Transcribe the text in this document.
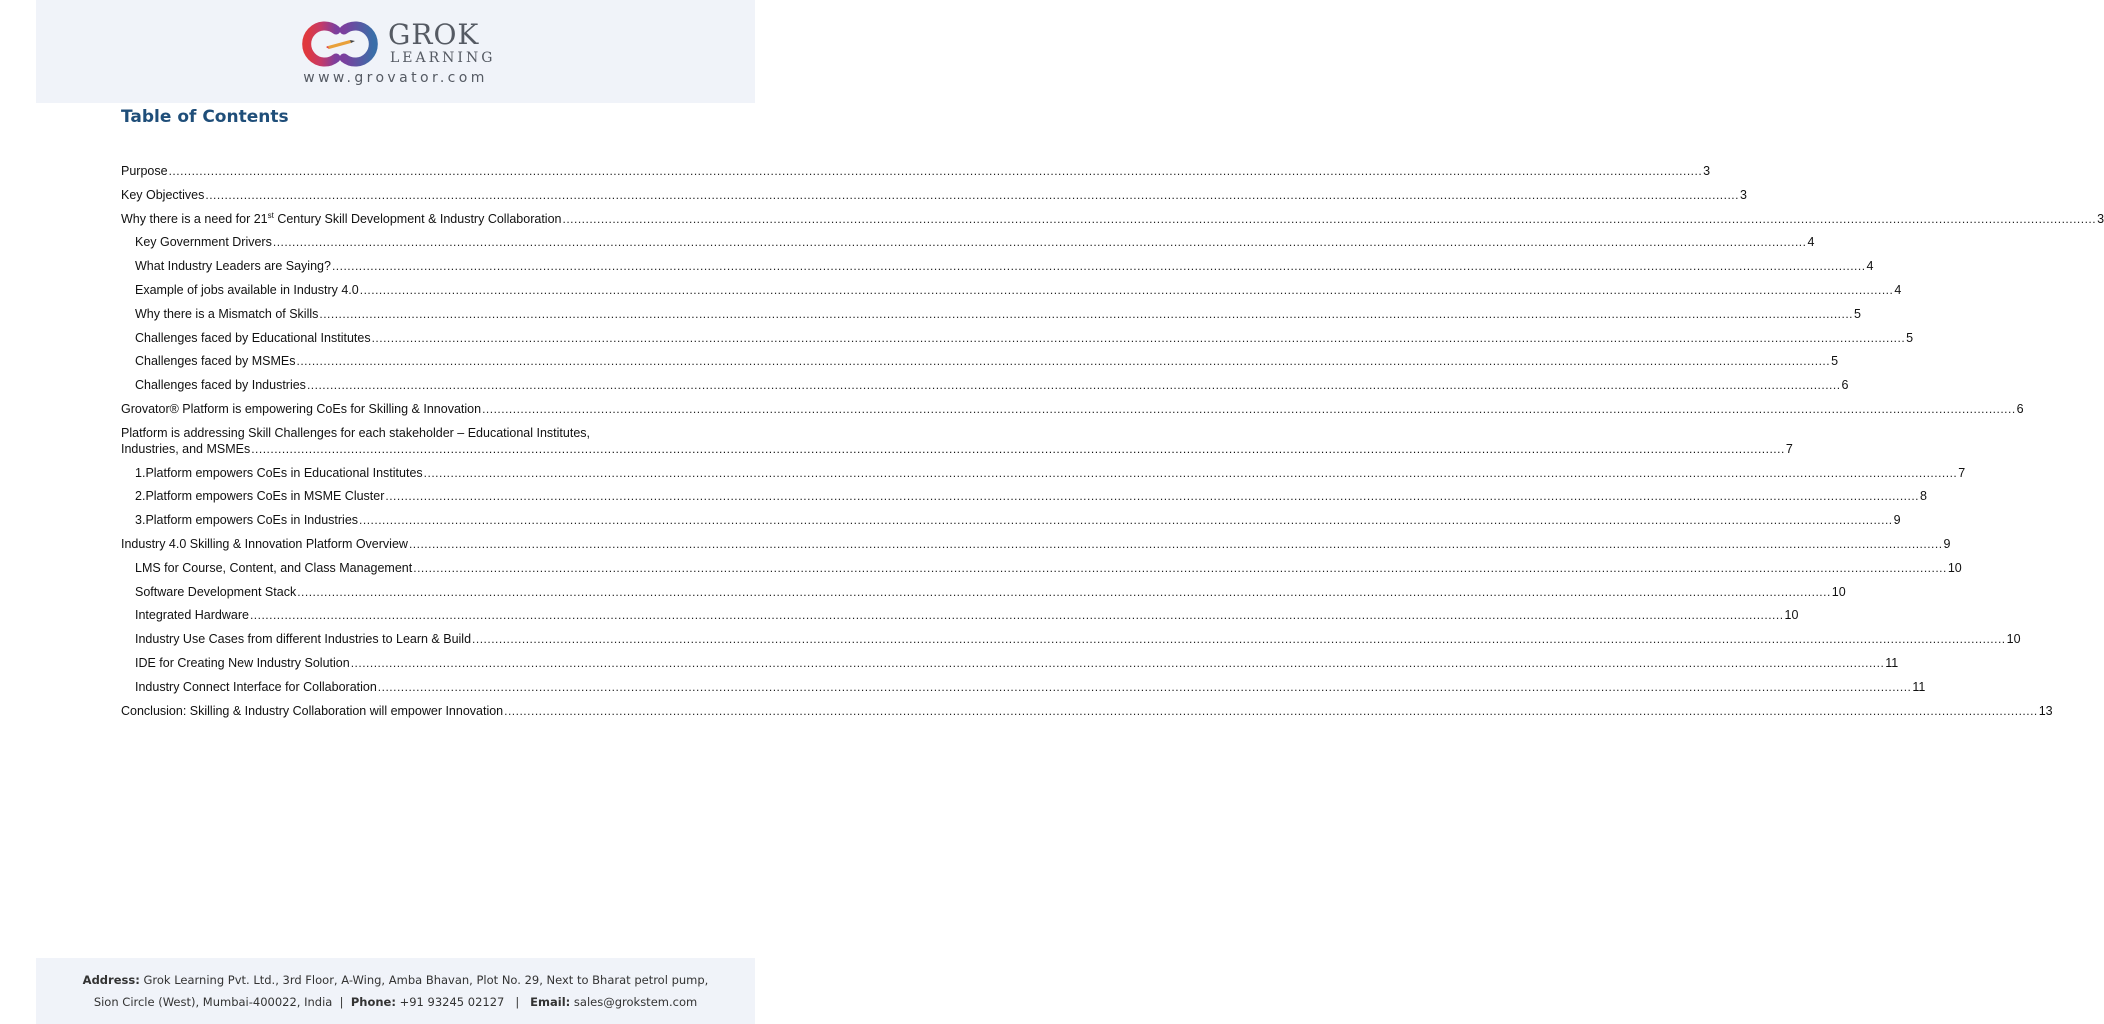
GROK
LEARNING
www.grovator.com
Table of Contents
Purpose ................................................................................................................................................................................................................................................................................................................................................................................................................ 3
Key Objectives ................................................................................................................................................................................................................................................................................................................................................................................................................ 3
Why there is a need for 21st Century Skill Development & Industry Collaboration ................................................................................................................................................................................................................................................................................................................................................................................................................ 3
Key Government Drivers ................................................................................................................................................................................................................................................................................................................................................................................................................ 4
What Industry Leaders are Saying? ................................................................................................................................................................................................................................................................................................................................................................................................................ 4
Example of jobs available in Industry 4.0 ................................................................................................................................................................................................................................................................................................................................................................................................................ 4
Why there is a Mismatch of Skills ................................................................................................................................................................................................................................................................................................................................................................................................................ 5
Challenges faced by Educational Institutes ................................................................................................................................................................................................................................................................................................................................................................................................................ 5
Challenges faced by MSMEs ................................................................................................................................................................................................................................................................................................................................................................................................................ 5
Challenges faced by Industries ................................................................................................................................................................................................................................................................................................................................................................................................................ 6
Grovator® Platform is empowering CoEs for Skilling & Innovation ................................................................................................................................................................................................................................................................................................................................................................................................................ 6
Platform is addressing Skill Challenges for each stakeholder – Educational Institutes,
Industries, and MSMEs ................................................................................................................................................................................................................................................................................................................................................................................................................ 7
1. Platform empowers CoEs in Educational Institutes ................................................................................................................................................................................................................................................................................................................................................................................................................ 7
2. Platform empowers CoEs in MSME Cluster ................................................................................................................................................................................................................................................................................................................................................................................................................ 8
3. Platform empowers CoEs in Industries ................................................................................................................................................................................................................................................................................................................................................................................................................ 9
Industry 4.0 Skilling & Innovation Platform Overview ................................................................................................................................................................................................................................................................................................................................................................................................................ 9
LMS for Course, Content, and Class Management ................................................................................................................................................................................................................................................................................................................................................................................................................ 10
Software Development Stack ................................................................................................................................................................................................................................................................................................................................................................................................................ 10
Integrated Hardware ................................................................................................................................................................................................................................................................................................................................................................................................................ 10
Industry Use Cases from different Industries to Learn & Build ................................................................................................................................................................................................................................................................................................................................................................................................................ 10
IDE for Creating New Industry Solution ................................................................................................................................................................................................................................................................................................................................................................................................................ 11
Industry Connect Interface for Collaboration ................................................................................................................................................................................................................................................................................................................................................................................................................ 11
Conclusion: Skilling & Industry Collaboration will empower Innovation ................................................................................................................................................................................................................................................................................................................................................................................................................ 13
Address: Grok Learning Pvt. Ltd., 3rd Floor, A-Wing, Amba Bhavan, Plot No. 29, Next to Bharat petrol pump,
Sion Circle (West), Mumbai-400022, India | Phone: +91 93245 02127 | Email: sales@grokstem.com
